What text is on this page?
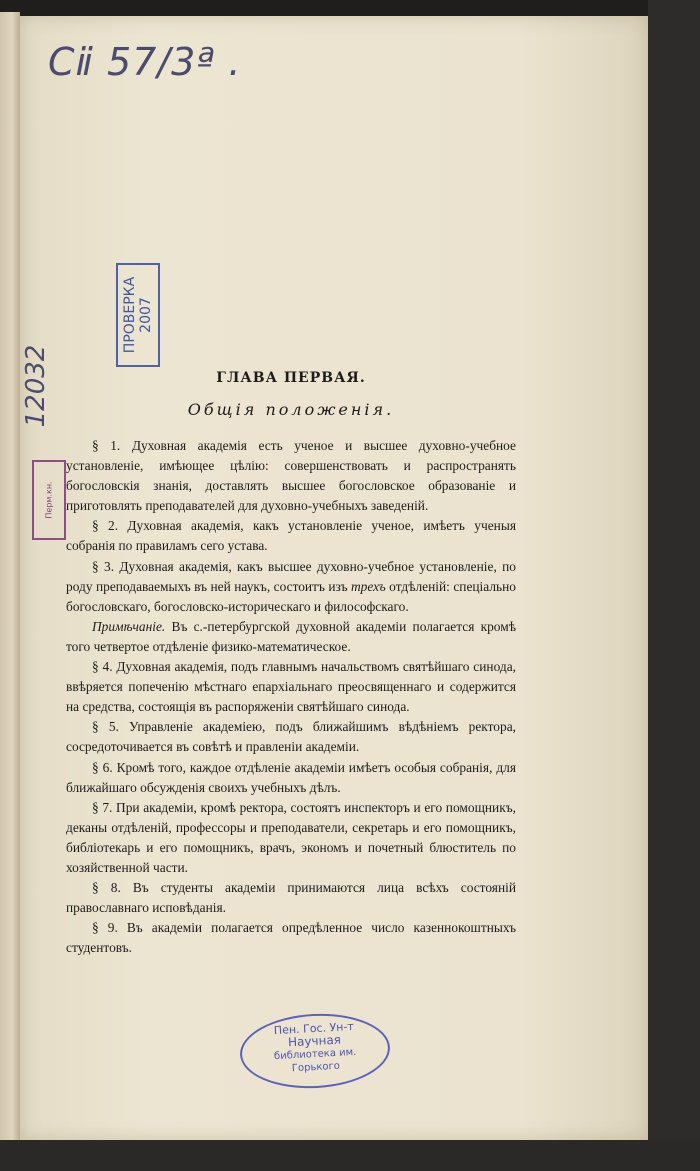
Сⅱ 57/3ª .
12032
ПРОВЕРКА 2007
Перм.кн.
ГЛАВА ПЕРВАЯ.
Общія положенія.

§ 1. Духовная академія есть ученое и высшее духовно-учебное установленіе, имѣющее цѣлію: совершенствовать и распространять богословскія знанія, доставлять высшее богословское образованіе и приготовлять преподавателей для духовно-учебныхъ заведеній.

§ 2. Духовная академія, какъ установленіе ученое, имѣетъ ученыя собранія по правиламъ сего устава.

§ 3. Духовная академія, какъ высшее духовно-учебное установленіе, по роду преподаваемыхъ въ ней наукъ, состоитъ изъ трехъ отдѣленій: спеціально богословскаго, богословско-историческаго и философскаго.

Примѣчаніе. Въ с.-петербургской духовной академіи полагается кромѣ того четвертое отдѣленіе физико-математическое.

§ 4. Духовная академія, подъ главнымъ начальствомъ святѣйшаго синода, ввѣряется попеченію мѣстнаго епархіальнаго преосвященнаго и содержится на средства, состоящія въ распоряженіи святѣйшаго синода.

§ 5. Управленіе академіею, подъ ближайшимъ вѣдѣніемъ ректора, сосредоточивается въ совѣтѣ и правленіи академіи.

§ 6. Кромѣ того, каждое отдѣленіе академіи имѣетъ особыя собранія, для ближайшаго обсужденія своихъ учебныхъ дѣлъ.

§ 7. При академіи, кромѣ ректора, состоятъ инспекторъ и его помощникъ, деканы отдѣленій, профессоры и преподаватели, секретарь и его помощникъ, библіотекарь и его помощникъ, врачъ, экономъ и почетный блюститель по хозяйственной части.

§ 8. Въ студенты академіи принимаются лица всѣхъ состояній православнаго исповѣданія.

§ 9. Въ академіи полагается опредѣленное число казеннокоштныхъ студентовъ.

Пен. Гос. Ун-т
Научная
библиотека им.
Горького
